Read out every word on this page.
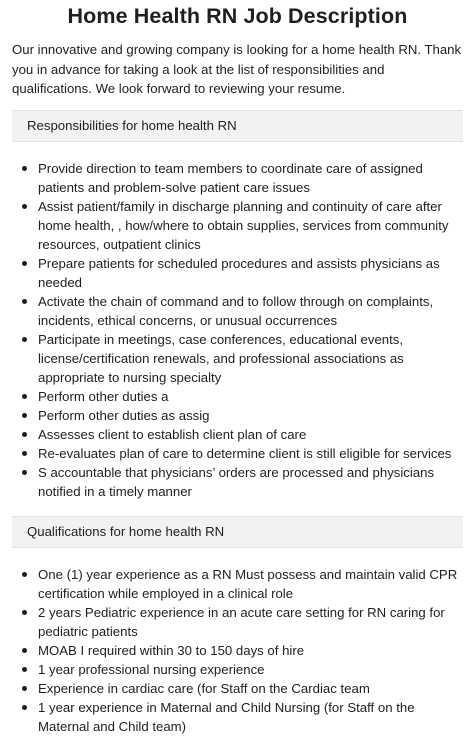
Home Health RN Job Description

Our innovative and growing company is looking for a home health RN. Thank you in advance for taking a look at the list of responsibilities and qualifications. We look forward to reviewing your resume.

Responsibilities for home health RN
Provide direction to team members to coordinate care of assigned patients and problem-solve patient care issues
Assist patient/family in discharge planning and continuity of care after home health, , how/where to obtain supplies, services from community resources, outpatient clinics
Prepare patients for scheduled procedures and assists physicians as needed
Activate the chain of command and to follow through on complaints, incidents, ethical concerns, or unusual occurrences
Participate in meetings, case conferences, educational events, license/certification renewals, and professional associations as appropriate to nursing specialty
Perform other duties a
Perform other duties as assig
Assesses client to establish client plan of care
Re-evaluates plan of care to determine client is still eligible for services
S accountable that physicians’ orders are processed and physicians notified in a timely manner
Qualifications for home health RN
One (1) year experience as a RN Must possess and maintain valid CPR certification while employed in a clinical role
2 years Pediatric experience in an acute care setting for RN caring for pediatric patients
MOAB I required within 30 to 150 days of hire
1 year professional nursing experience
Experience in cardiac care (for Staff on the Cardiac team
1 year experience in Maternal and Child Nursing (for Staff on the Maternal and Child team)
